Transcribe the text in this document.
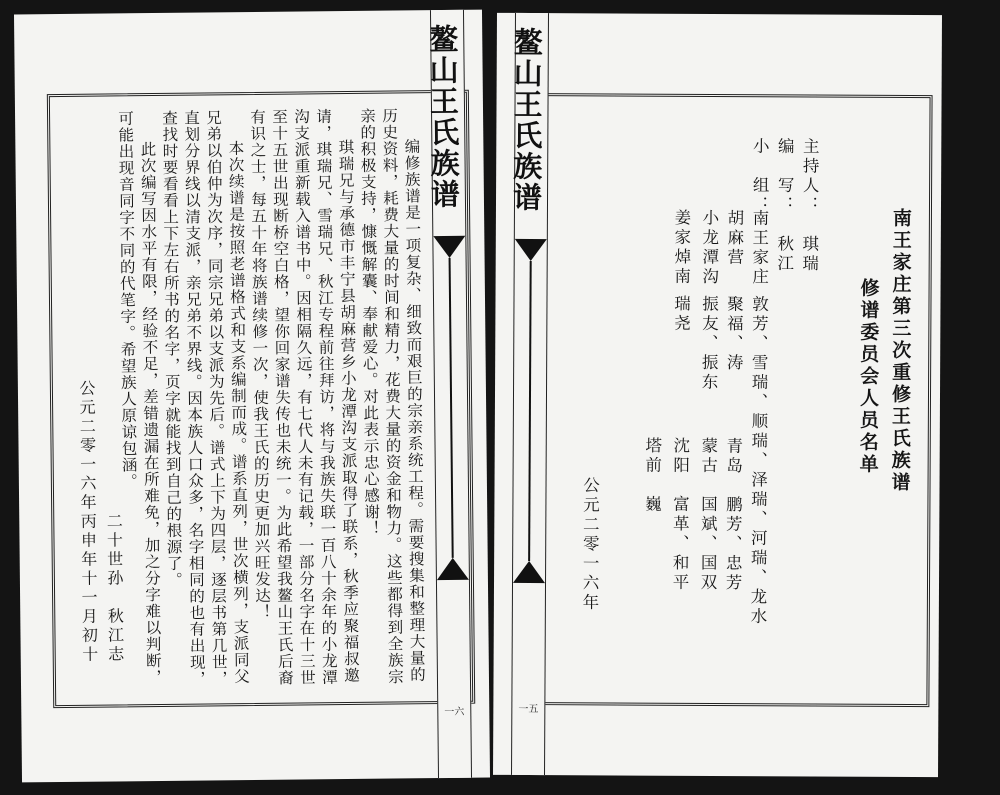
编修族谱是一项复杂、细致而艰巨的宗亲系统工程。需要搜集和整理大量的历史资料，耗费大量的时间和精力，花费大量的资金和物力。这些都得到全族宗亲的积极支持，慷慨解囊、奉献爱心。对此表示忠心感谢！

琪瑞兄与承德市丰宁县胡麻营乡小龙潭沟支派取得了联系，秋季应聚福叔邀请，琪瑞兄、雪瑞兄、秋江专程前往拜访，将与我族失联一百八十余年的小龙潭沟支派重新载入谱书中。因相隔久远，有七代人未有记载，一部分名字在十三世至十五世出现断桥空白格，望你回家谱失传也未统一。为此希望我鳌山王氏后裔有识之士，每五十年将族谱续修一次，使我王氏的历史更加兴旺发达！

本次续谱是按照老谱格式和支系编制而成。谱系直列，世次横列，支派同父兄弟以伯仲为次序，同宗兄弟以支派为先后。谱式上下为四层，逐层书第几世，直划分界线以清支派，亲兄弟不界线。因本族人口众多，名字相同的也有出现，查找时要看看上下左右所书的名字，页字就能找到自己的根源了。

此次编写因水平有限，经验不足，差错遗漏在所难免，加之分字难以判断，可能出现音同字不同的代笔字。希望族人原谅包涵。

二十世孙　秋江志
公元二零一六年丙申年十一月初十
鳌山王氏族谱
一六
南王家庄第三次重修王氏族谱
修谱委员会人员名单
主持人：　琪瑞
编　写：　秋江
小　组：
南王家庄
敦芳、雪瑞、顺瑞、泽瑞、河瑞、龙水
胡麻营
聚福、涛
小龙潭沟
振友、振东
姜家焯南
瑞尧
青岛　鹏芳、忠芳
蒙古　国斌、国双
沈阳　富革、和平
塔前　巍
公元二零一六年
鳌山王氏族谱
一五
